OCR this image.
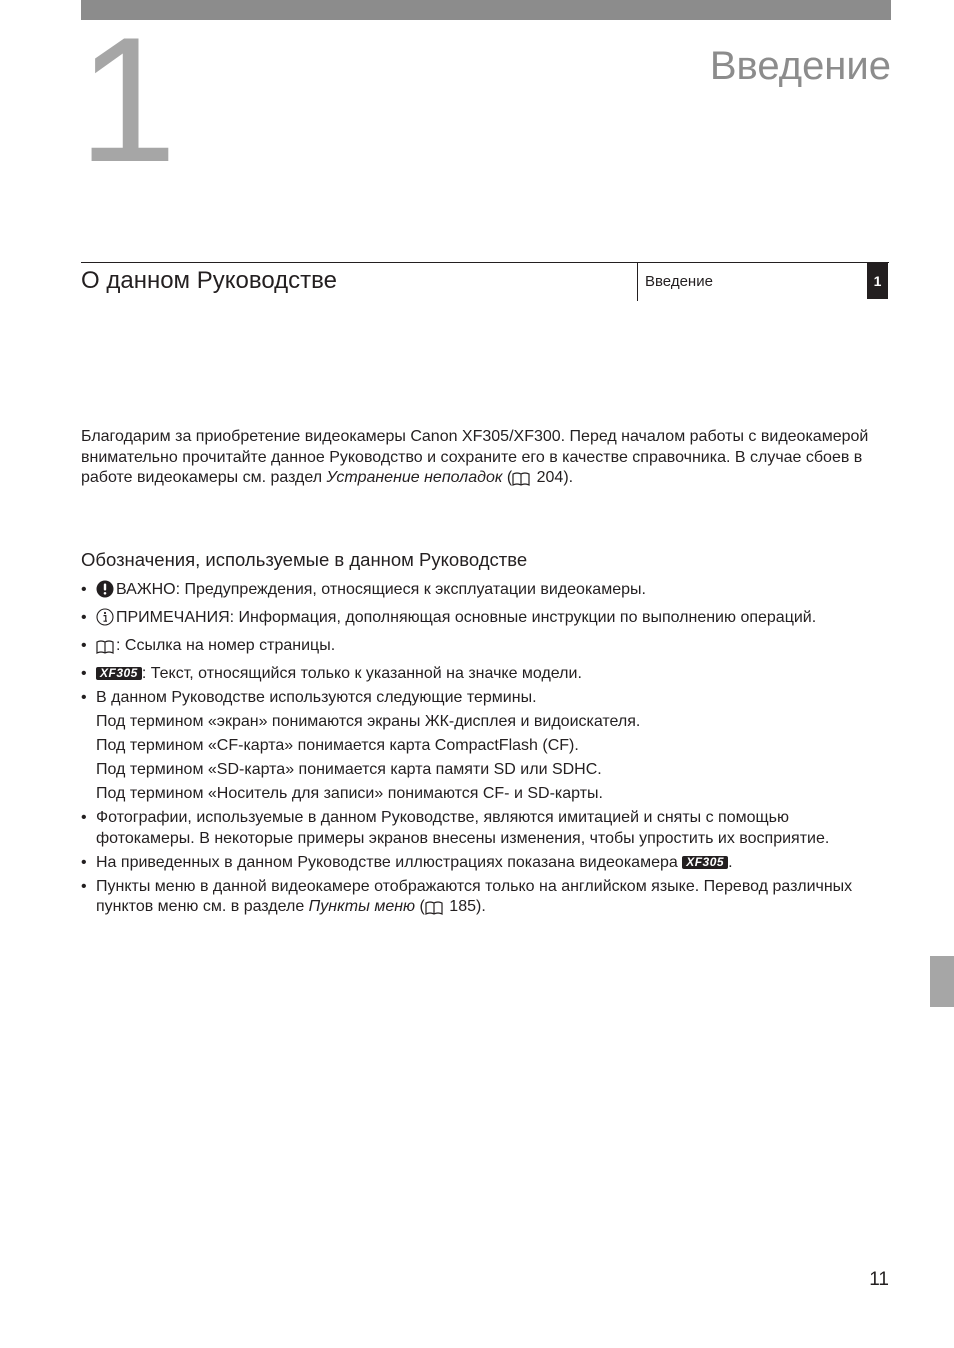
1	Введение
О данном Руководстве	Введение	1
Благодарим за приобретение видеокамеры Canon XF305/XF300. Перед началом работы с видеокамерой внимательно прочитайте данное Руководство и сохраните его в качестве справочника. В случае сбоев в работе видеокамеры см. раздел Устранение неполадок ( 204).
Обозначения, используемые в данном Руководстве
• ВАЖНО: Предупреждения, относящиеся к эксплуатации видеокамеры.
• ПРИМЕЧАНИЯ: Информация, дополняющая основные инструкции по выполнению операций.
• : Ссылка на номер страницы.
• XF305 : Текст, относящийся только к указанной на значке модели.
• В данном Руководстве используются следующие термины.
Под термином «экран» понимаются экраны ЖК-дисплея и видоискателя.
Под термином «CF-карта» понимается карта CompactFlash (CF).
Под термином «SD-карта» понимается карта памяти SD или SDHC.
Под термином «Носитель для записи» понимаются CF- и SD-карты.
• Фотографии, используемые в данном Руководстве, являются имитацией и сняты с помощью фотокамеры. В некоторые примеры экранов внесены изменения, чтобы упростить их восприятие.
• На приведенных в данном Руководстве иллюстрациях показана видеокамера XF305 .
• Пункты меню в данной видеокамере отображаются только на английском языке. Перевод различных пунктов меню см. в разделе Пункты меню ( 185).
11
